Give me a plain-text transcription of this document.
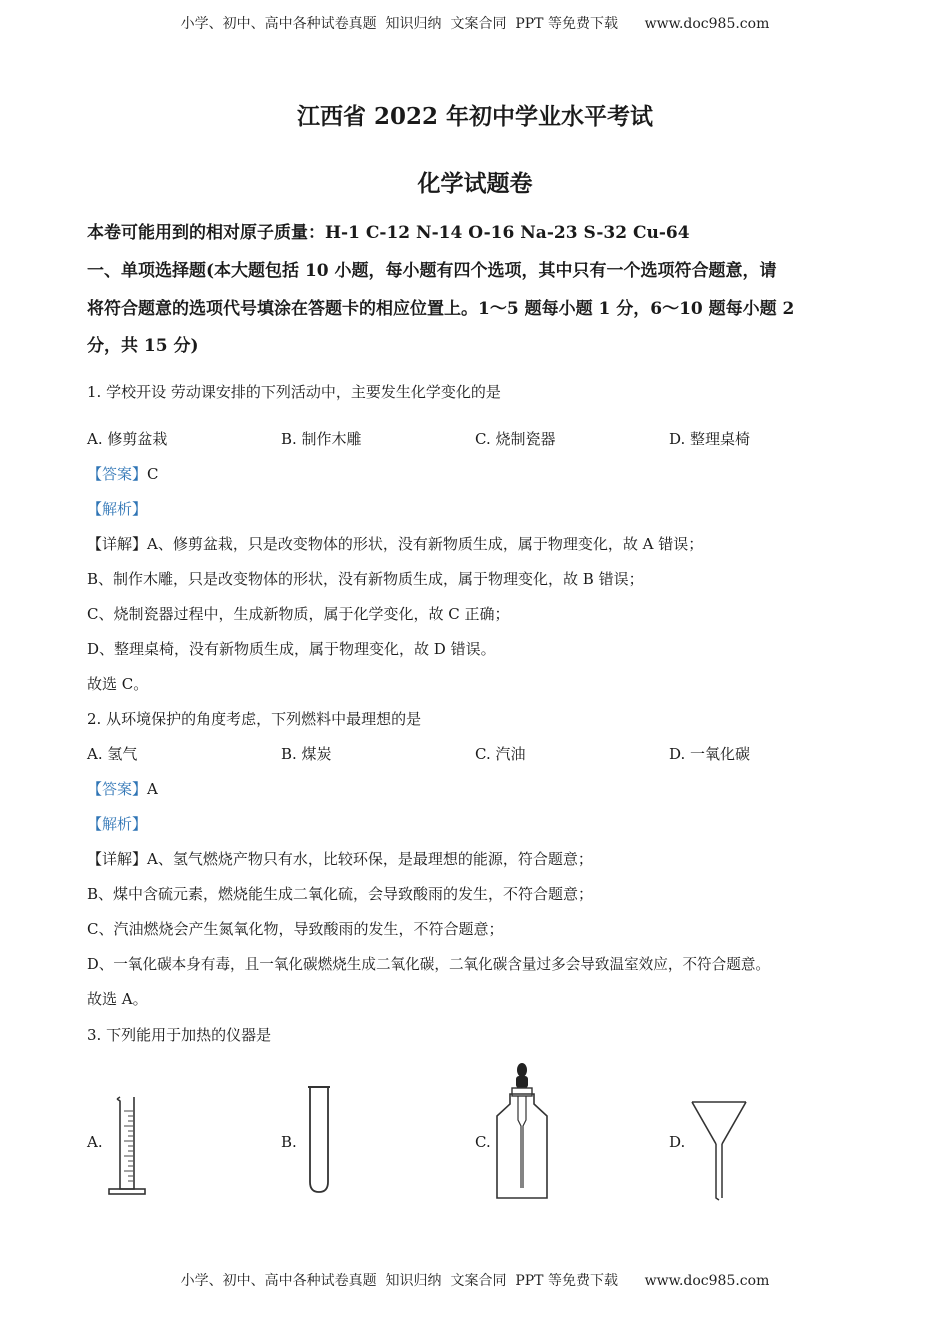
小学、初中、高中各种试卷真题  知识归纳  文案合同  PPT 等免费下载      www.doc985.com
江西省 2022 年初中学业水平考试
化学试题卷
本卷可能用到的相对原子质量：H-1 C-12 N-14 O-16 Na-23 S-32 Cu-64
一、单项选择题(本大题包括 10 小题，每小题有四个选项，其中只有一个选项符合题意，请
将符合题意的选项代号填涂在答题卡的相应位置上。1～5 题每小题 1 分，6～10 题每小题 2
分，共 15 分)
1. 学校开设 劳动课安排的下列活动中，主要发生化学变化的是
A. 修剪盆栽	B. 制作木雕	C. 烧制瓷器	D. 整理桌椅
【答案】C
【解析】
【详解】A、修剪盆栽，只是改变物体的形状，没有新物质生成，属于物理变化，故 A 错误；
B、制作木雕，只是改变物体的形状，没有新物质生成，属于物理变化，故 B 错误；
C、烧制瓷器过程中，生成新物质，属于化学变化，故 C 正确；
D、整理桌椅，没有新物质生成，属于物理变化，故 D 错误。
故选 C。
2. 从环境保护的角度考虑，下列燃料中最理想的是
A. 氢气	B. 煤炭	C. 汽油	D. 一氧化碳
【答案】A
【解析】
【详解】A、氢气燃烧产物只有水，比较环保，是最理想的能源，符合题意；
B、煤中含硫元素，燃烧能生成二氧化硫，会导致酸雨的发生，不符合题意；
C、汽油燃烧会产生氮氧化物，导致酸雨的发生，不符合题意；
D、一氧化碳本身有毒，且一氧化碳燃烧生成二氧化碳，二氧化碳含量过多会导致温室效应，不符合题意。
故选 A。
3. 下列能用于加热的仪器是
A.	B.	C.	D.
小学、初中、高中各种试卷真题  知识归纳  文案合同  PPT 等免费下载      www.doc985.com
